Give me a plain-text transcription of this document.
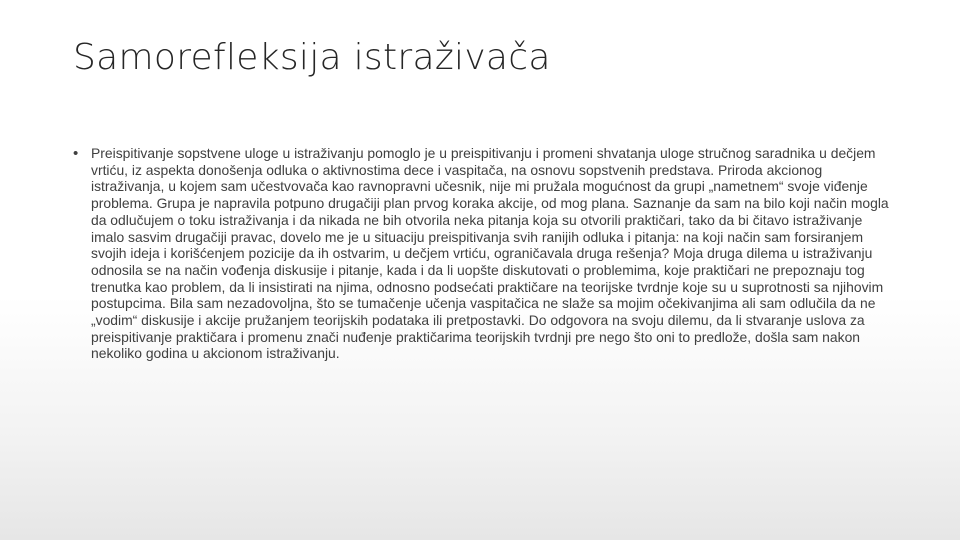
Samorefleksija istraživača
• Preispitivanje sopstvene uloge u istraživanju pomoglo je u preispitivanju i promeni shvatanja uloge stručnog saradnika u dečjem vrtiću, iz aspekta donošenja odluka o aktivnostima dece i vaspitača, na osnovu sopstvenih predstava. Priroda akcionog istraživanja, u kojem sam učestvovača kao ravnopravni učesnik, nije mi pružala mogućnost da grupi „nametnem“ svoje viđenje problema. Grupa je napravila potpuno drugačiji plan prvog koraka akcije, od mog plana. Saznanje da sam na bilo koji način mogla da odlučujem o toku istraživanja i da nikada ne bih otvorila neka pitanja koja su otvorili praktičari, tako da bi čitavo istraživanje imalo sasvim drugačiji pravac, dovelo me je u situaciju preispitivanja svih ranijih odluka i pitanja: na koji način sam forsiranjem svojih ideja i korišćenjem pozicije da ih ostvarim, u dečjem vrtiću, ograničavala druga rešenja? Moja druga dilema u istraživanju odnosila se na način vođenja diskusije i pitanje, kada i da li uopšte diskutovati o problemima, koje praktičari ne prepoznaju tog trenutka kao problem, da li insistirati na njima, odnosno podsećati praktičare na teorijske tvrdnje koje su u suprotnosti sa njihovim postupcima. Bila sam nezadovoljna, što se tumačenje učenja vaspitačica ne slaže sa mojim očekivanjima ali sam odlučila da ne „vodim“ diskusije i akcije pružanjem teorijskih podataka ili pretpostavki. Do odgovora na svoju dilemu, da li stvaranje uslova za preispitivanje praktičara i promenu znači nuđenje praktičarima teorijskih tvrdnji pre nego što oni to predlože, došla sam nakon nekoliko godina u akcionom istraživanju.
